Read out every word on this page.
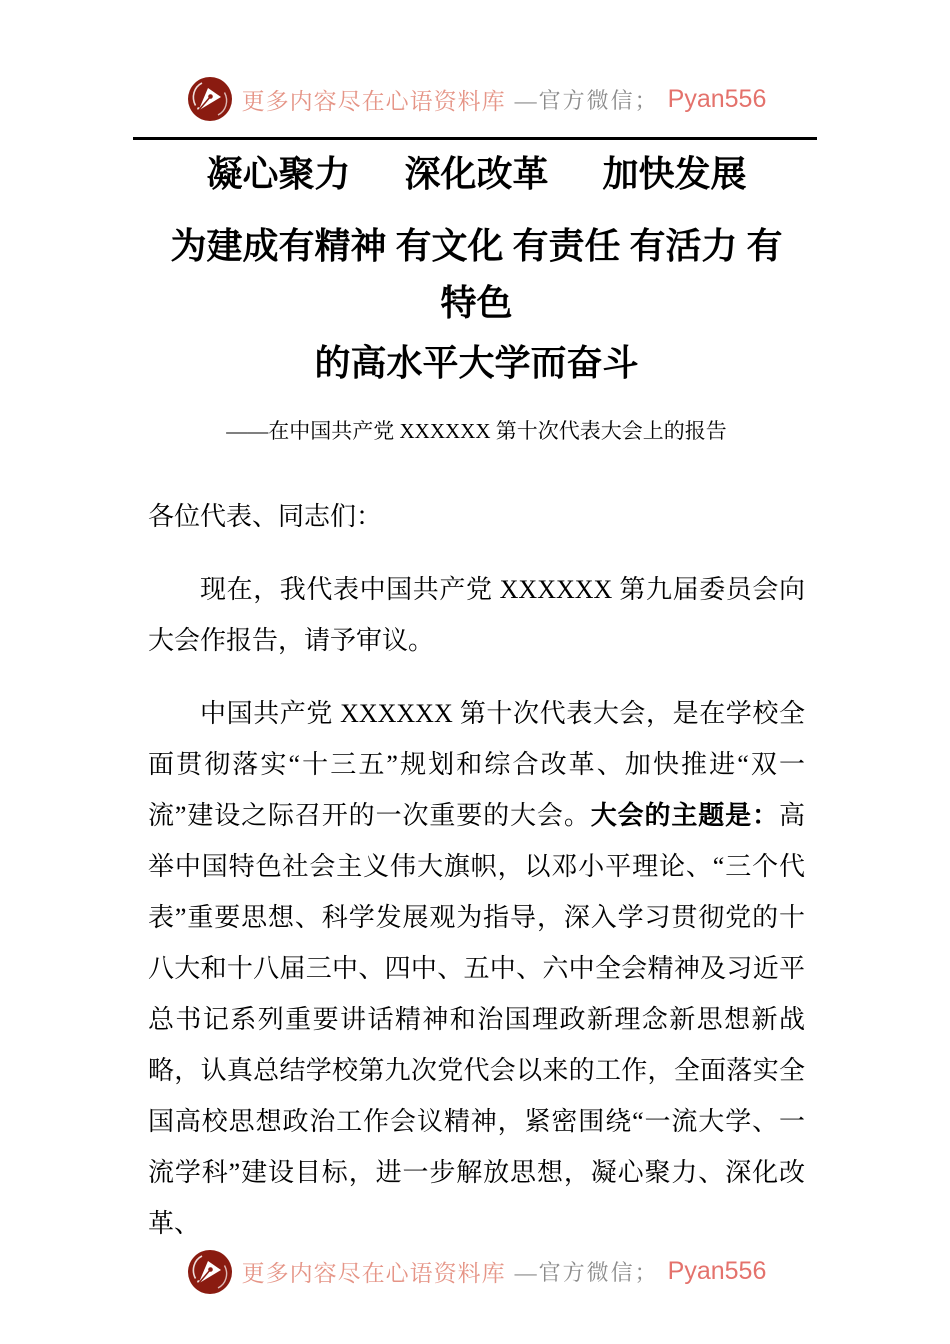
更多内容尽在心语资料库 —官方微信； Pyan556
凝心聚力 深化改革 加快发展
为建成有精神 有文化 有责任 有活力 有
特色
的高水平大学而奋斗

——在中国共产党 XXXXXX 第十次代表大会上的报告

各位代表、同志们：

现在，我代表中国共产党 XXXXXX 第九届委员会向大会作报告，请予审议。

中国共产党 XXXXXX 第十次代表大会，是在学校全面贯彻落实“十三五”规划和综合改革、加快推进“双一流”建设之际召开的一次重要的大会。大会的主题是：高举中国特色社会主义伟大旗帜，以邓小平理论、“三个代表”重要思想、科学发展观为指导，深入学习贯彻党的十八大和十八届三中、四中、五中、六中全会精神及习近平总书记系列重要讲话精神和治国理政新理念新思想新战略，认真总结学校第九次党代会以来的工作，全面落实全国高校思想政治工作会议精神，紧密围绕“一流大学、一流学科”建设目标，进一步解放思想，凝心聚力、深化改革、

更多内容尽在心语资料库 —官方微信； Pyan556
